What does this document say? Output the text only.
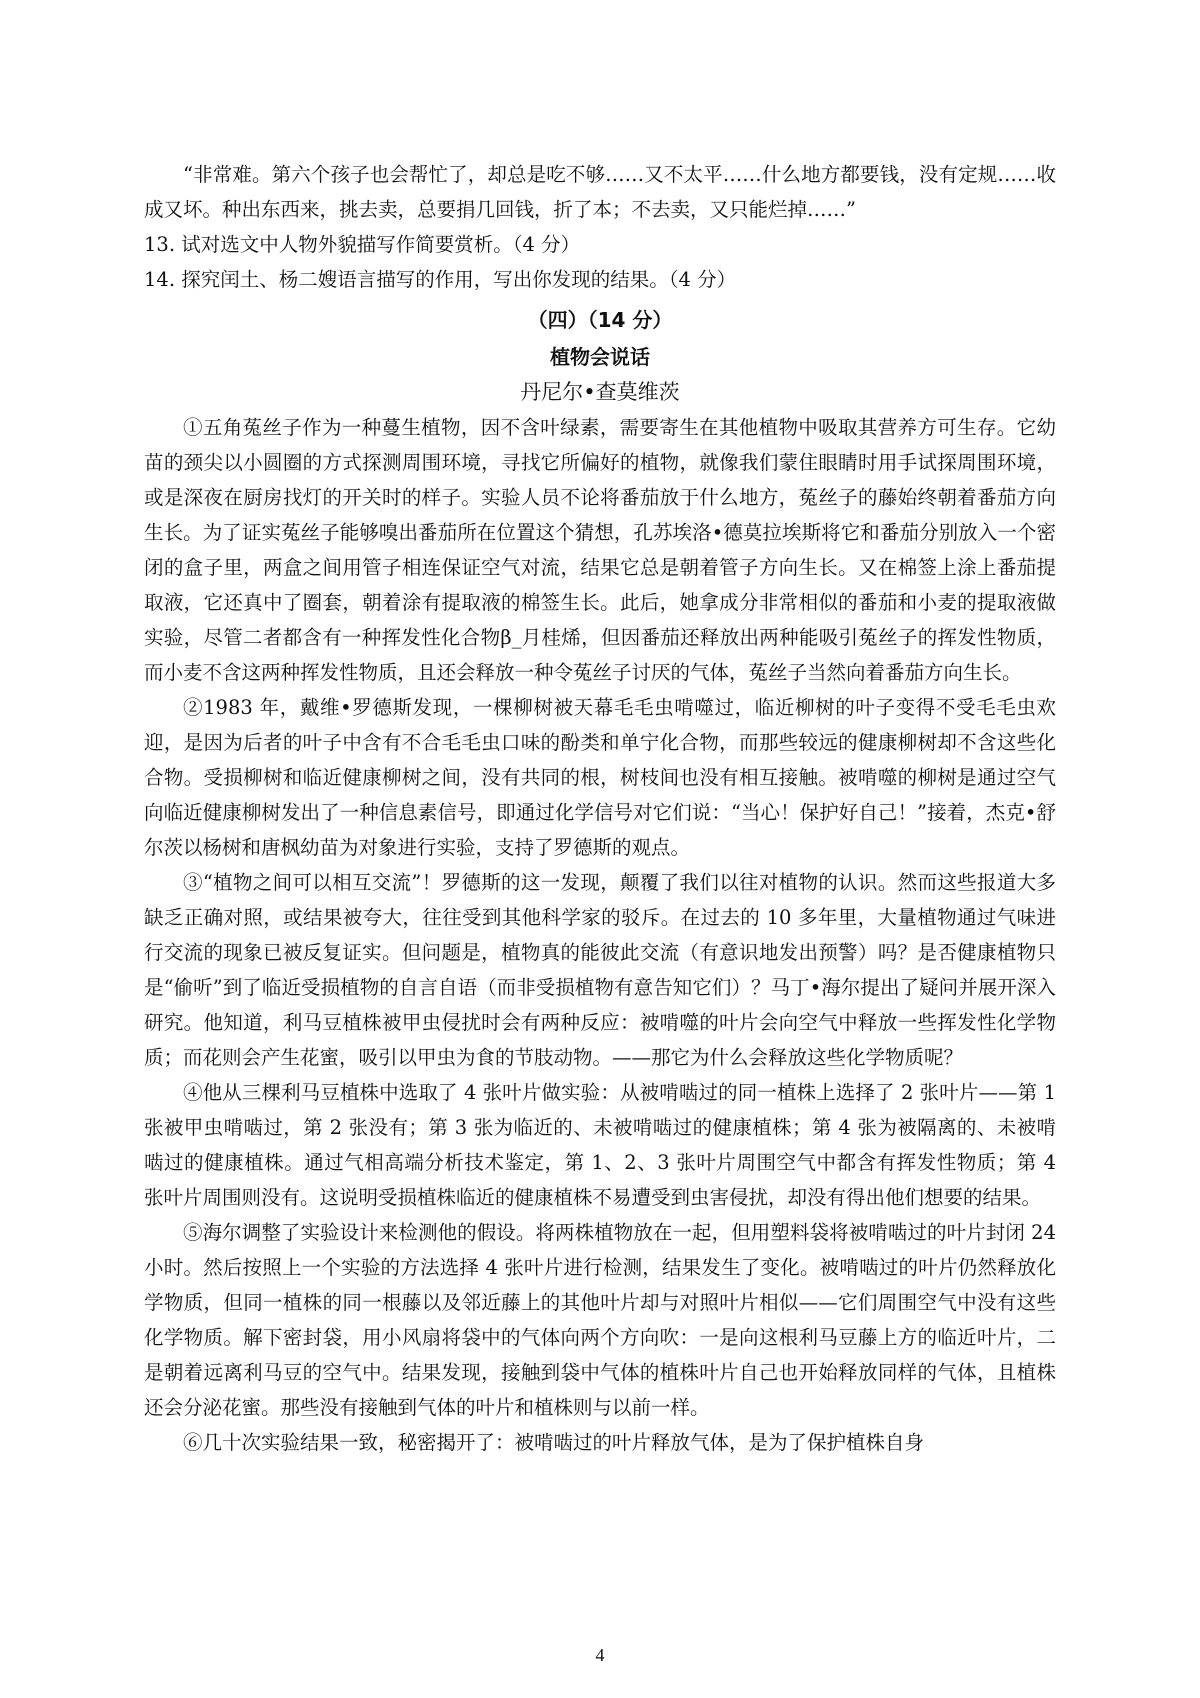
“非常难。第六个孩子也会帮忙了，却总是吃不够……又不太平……什么地方都要钱，没有定规……收成又坏。种出东西来，挑去卖，总要捐几回钱，折了本；不去卖，又只能烂掉……”

13. 试对选文中人物外貌描写作简要赏析。（4 分）

14. 探究闰土、杨二嫂语言描写的作用，写出你发现的结果。（4 分）

（四）（14 分）

植物会说话

丹尼尔•查莫维茨

①五角菟丝子作为一种蔓生植物，因不含叶绿素，需要寄生在其他植物中吸取其营养方可生存。它幼苗的颈尖以小圆圈的方式探测周围环境，寻找它所偏好的植物，就像我们蒙住眼睛时用手试探周围环境，或是深夜在厨房找灯的开关时的样子。实验人员不论将番茄放于什么地方，菟丝子的藤始终朝着番茄方向生长。为了证实菟丝子能够嗅出番茄所在位置这个猜想，孔苏埃洛•德莫拉埃斯将它和番茄分别放入一个密闭的盒子里，两盒之间用管子相连保证空气对流，结果它总是朝着管子方向生长。又在棉签上涂上番茄提取液，它还真中了圈套，朝着涂有提取液的棉签生长。此后，她拿成分非常相似的番茄和小麦的提取液做实验，尽管二者都含有一种挥发性化合物β_月桂烯，但因番茄还释放出两种能吸引菟丝子的挥发性物质，而小麦不含这两种挥发性物质，且还会释放一种令菟丝子讨厌的气体，菟丝子当然向着番茄方向生长。

②1983 年，戴维•罗德斯发现，一棵柳树被天幕毛毛虫啃噬过，临近柳树的叶子变得不受毛毛虫欢迎，是因为后者的叶子中含有不合毛毛虫口味的酚类和单宁化合物，而那些较远的健康柳树却不含这些化合物。受损柳树和临近健康柳树之间，没有共同的根，树枝间也没有相互接触。被啃噬的柳树是通过空气向临近健康柳树发出了一种信息素信号，即通过化学信号对它们说：“当心！保护好自己！”接着，杰克•舒尔茨以杨树和唐枫幼苗为对象进行实验，支持了罗德斯的观点。

③“植物之间可以相互交流”！罗德斯的这一发现，颠覆了我们以往对植物的认识。然而这些报道大多缺乏正确对照，或结果被夸大，往往受到其他科学家的驳斥。在过去的 10 多年里，大量植物通过气味进行交流的现象已被反复证实。但问题是，植物真的能彼此交流（有意识地发出预警）吗？是否健康植物只是“偷听”到了临近受损植物的自言自语（而非受损植物有意告知它们）？马丁•海尔提出了疑问并展开深入研究。他知道，利马豆植株被甲虫侵扰时会有两种反应：被啃噬的叶片会向空气中释放一些挥发性化学物质；而花则会产生花蜜，吸引以甲虫为食的节肢动物。——那它为什么会释放这些化学物质呢？

④他从三棵利马豆植株中选取了 4 张叶片做实验：从被啃啮过的同一植株上选择了 2 张叶片——第 1 张被甲虫啃啮过，第 2 张没有；第 3 张为临近的、未被啃啮过的健康植株；第 4 张为被隔离的、未被啃啮过的健康植株。通过气相高端分析技术鉴定，第 1、2、3 张叶片周围空气中都含有挥发性物质；第 4 张叶片周围则没有。这说明受损植株临近的健康植株不易遭受到虫害侵扰，却没有得出他们想要的结果。

⑤海尔调整了实验设计来检测他的假设。将两株植物放在一起，但用塑料袋将被啃啮过的叶片封闭 24 小时。然后按照上一个实验的方法选择 4 张叶片进行检测，结果发生了变化。被啃啮过的叶片仍然释放化学物质，但同一植株的同一根藤以及邻近藤上的其他叶片却与对照叶片相似——它们周围空气中没有这些化学物质。解下密封袋，用小风扇将袋中的气体向两个方向吹：一是向这根利马豆藤上方的临近叶片，二是朝着远离利马豆的空气中。结果发现，接触到袋中气体的植株叶片自己也开始释放同样的气体，且植株还会分泌花蜜。那些没有接触到气体的叶片和植株则与以前一样。

⑥几十次实验结果一致，秘密揭开了：被啃啮过的叶片释放气体，是为了保护植株自身

4
